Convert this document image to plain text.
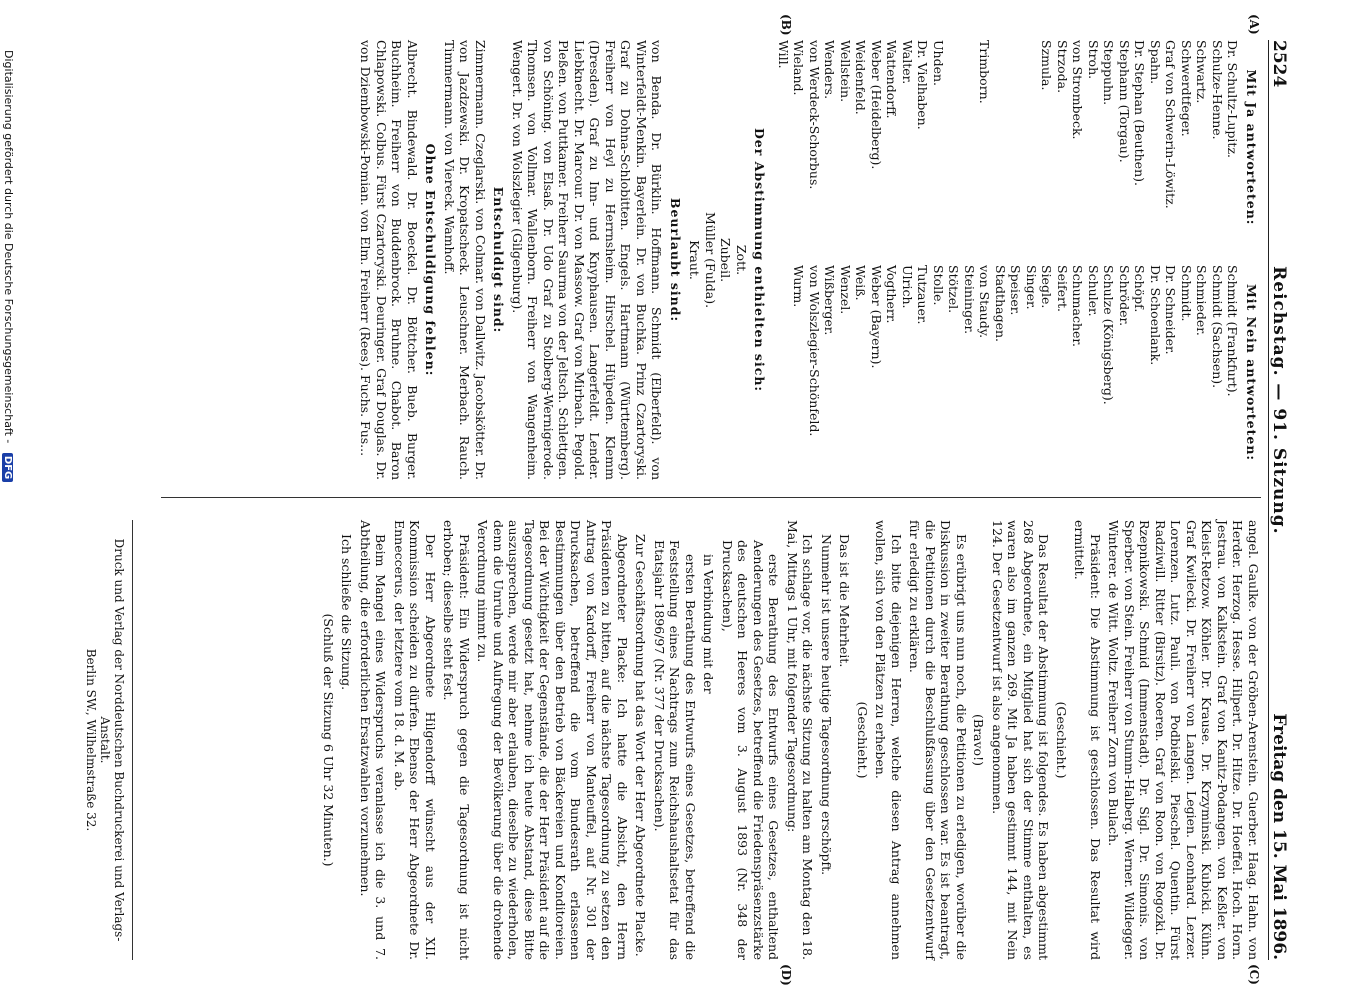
2524
Reichstag. — 91. Sitzung.
Freitag den 15. Mai 1896.
(A)
(B)
(C)
(D)
Mit Ja antworteten:
Dr. Schultz-Lupitz.
Schulze-Henne.
Schwartz.
Schwerdtfeger.
Graf von Schwerin-Löwitz.
Spahn.
Dr. Stephan (Beuthen).
Stephann (Torgau).
Steppuhn.
Stroh.
von Strombeck.
Strzoda.
Szmula.

Trimborn.

Uhden.
Dr. Vielhaben.
Walter.
Wattendorff.
Weber (Heidelberg).
Weidenfeld.
Wellstein.
Wenders.
von Werdeck-Schorbus.
Wieland.
Will.
Mit Nein antworteten:
Schmidt (Frankfurt).
Schmidt (Sachsen).
Schmieder.
Schmidt.
Dr. Schneider.
Dr. Schoenlank.
Schöpf.
Schröder.
Schulze (Königsberg).
Schuler.
Schumacher.
Seifert.
Siegle.
Singer.
Speiser.
Stadthagen.
von Staudy.
Steininger.
Stötzel.
Stolle.
Tutzauer.
Ulrich.
Vogtherr.
Weber (Bayern).
Weiß.
Wenzel.
Wißberger.
von Wolszlegier-Schönfeld.
Wurm.
Der Abstimmung enthielten sich:
Zott.
Zubeil.
Müller (Fulda).
Kraut.
Beurlaubt sind:

von Benda. Dr. Bürklin. Hoffmann. Schmidt (Elberfeld). von Winterfeldt-Menkin. Bayerlein. Dr. von Buchka. Prinz Czartoryski. Graf zu Dohna-Schlobitten. Engels. Hartmann (Württemberg). Freiherr von Heyl zu Herrnsheim. Hirschel. Hüpeden. Klemm (Dresden). Graf zu Inn- und Knyphausen. Langerfeldt. Lender. Liebknecht. Dr. Marcour. Dr. von Massow. Graf von Mirbach. Pegold. Pleßen. von Puttkamer. Freiherr Saurma von der Jeltsch. Schlettgen. von Schöning. von Elsaß. Dr. Udo Graf zu Stolberg-Wernigerode. Thomsen. von Vollmar. Wallenborn. Freiherr von Wangenheim. Wengert. Dr. von Wolszlegier (Gilgenburg).

Entschuldigt sind:

Zimmermann. Czeglarski. von Colmar. von Dallwitz. Jacobskötter. Dr. von Jazdzewski. Dr. Kropatscheck. Leuschner. Merbach. Rauch. Timmermann. von Viereck. Wamhoff.

Ohne Entschuldigung fehlen:

Albrecht. Bindewald. Dr. Boeckel. Dr. Böttcher. Bueb. Burger. Buchheim. Freiherr von Buddenbrock. Bruhne. Chabot. Baron Chlapowski. Colbus. Fürst Czartoryski. Deuringer. Graf Douglas. Dr. von Dziembowski-Pomian. von Elm. Freiherr (Rees). Fuchs. Fus...

angel. Gaulke. von der Gröben-Arenstein. Guerber. Haag. Hahn. von Herder. Herzog. Hesse. Hilpert. Dr. Hitze. Dr. Hoeffel. Hoch. Horn. Jestrau. von Kalkstein. Graf von Kanitz-Podangen. von Keßler. von Kleist-Retzow. Köhler. Dr. Krause. Dr. Krzyminski. Kubicki. Kühn. Graf Kwilecki. Dr. Freiherr von Langen. Legien. Leonhard. Lerzer. Lorenzen. Lutz. Pauli. von Podbielski. Pieschel. Quentin. Fürst Radziwill. Ritter (Birsitz). Roeren. Graf von Roon. von Rogozki. Dr. Rzepnikowski. Schmid (Immenstadt). Dr. Sigl. Dr. Simonis. von Sperber. von Stein. Freiherr von Stumm-Halberg. Werner. Wildegger. Winterer. de Witt. Woltz. Freiherr Zorn von Bulach.

Präsident: Die Abstimmung ist geschlossen. Das Resultat wird ermittelt.

(Geschieht.)

Das Resultat der Abstimmung ist folgendes. Es haben abgestimmt 268 Abgeordnete, ein Mitglied hat sich der Stimme enthalten, es waren also im ganzen 269. Mit Ja haben gestimmt 144, mit Nein 124. Der Gesetzentwurf ist also angenommen.

(Bravo!)

Es erübrigt uns nun noch, die Petitionen zu erledigen, worüber die Diskussion in zweiter Berathung geschlossen war. Es ist beantragt, die Petitionen durch die Beschlußfassung über den Gesetzentwurf für erledigt zu erklären.

Ich bitte diejenigen Herren, welche diesen Antrag annehmen wollen, sich von den Plätzen zu erheben.

(Geschieht.)

Das ist die Mehrheit.

Nunmehr ist unsere heutige Tagesordnung erschöpft.

Ich schlage vor, die nächste Sitzung zu halten am Montag den 18. Mai, Mittags 1 Uhr, mit folgender Tagesordnung:

erste Berathung des Entwurfs eines Gesetzes, enthaltend Aenderungen des Gesetzes, betreffend die Friedenspräsenzstärke des deutschen Heeres vom 3. August 1893 (Nr. 348 der Drucksachen),

in Verbindung mit der

ersten Berathung des Entwurfs eines Gesetzes, betreffend die Feststellung eines Nachtrags zum Reichshaushaltsetat für das Etatsjahr 1896/97 (Nr. 377 der Drucksachen).

Zur Geschäftsordnung hat das Wort der Herr Abgeordnete Placke.

Abgeordneter Placke: Ich hatte die Absicht, den Herrn Präsidenten zu bitten, auf die nächste Tagesordnung zu setzen den Antrag von Kardorff, Freiherr von Manteuffel, auf Nr. 301 der Drucksachen, betreffend die vom Bundesrath erlassenen Bestimmungen über den Betrieb von Bäckereien und Konditoreien. Bei der Wichtigkeit der Gegenstände, die der Herr Präsident auf die Tagesordnung gesetzt hat, nehme ich heute Abstand, diese Bitte auszusprechen, werde mir aber erlauben, dieselbe zu wiederholen, denn die Unruhe und Aufregung der Bevölkerung über die drohende Verordnung nimmt zu.

Präsident: Ein Widerspruch gegen die Tagesordnung ist nicht erhoben; dieselbe steht fest.

Der Herr Abgeordnete Hilgendorff wünscht aus der XII. Kommission scheiden zu dürfen. Ebenso der Herr Abgeordnete Dr. Enneccerus, der letztere vom 18. d. M. ab.

Beim Mangel eines Widerspruchs veranlasse ich die 3. und 7. Abtheilung, die erforderlichen Ersatzwahlen vorzunehmen.

Ich schließe die Sitzung.

(Schluß der Sitzung 6 Uhr 32 Minuten.)

Druck und Verlag der Norddeutschen Buchdruckerei und Verlags-Anstalt.
Berlin SW., Wilhelmstraße 32.
Digitalisierung gefördert durch die Deutsche Forschungsgemeinschaft - DFG
